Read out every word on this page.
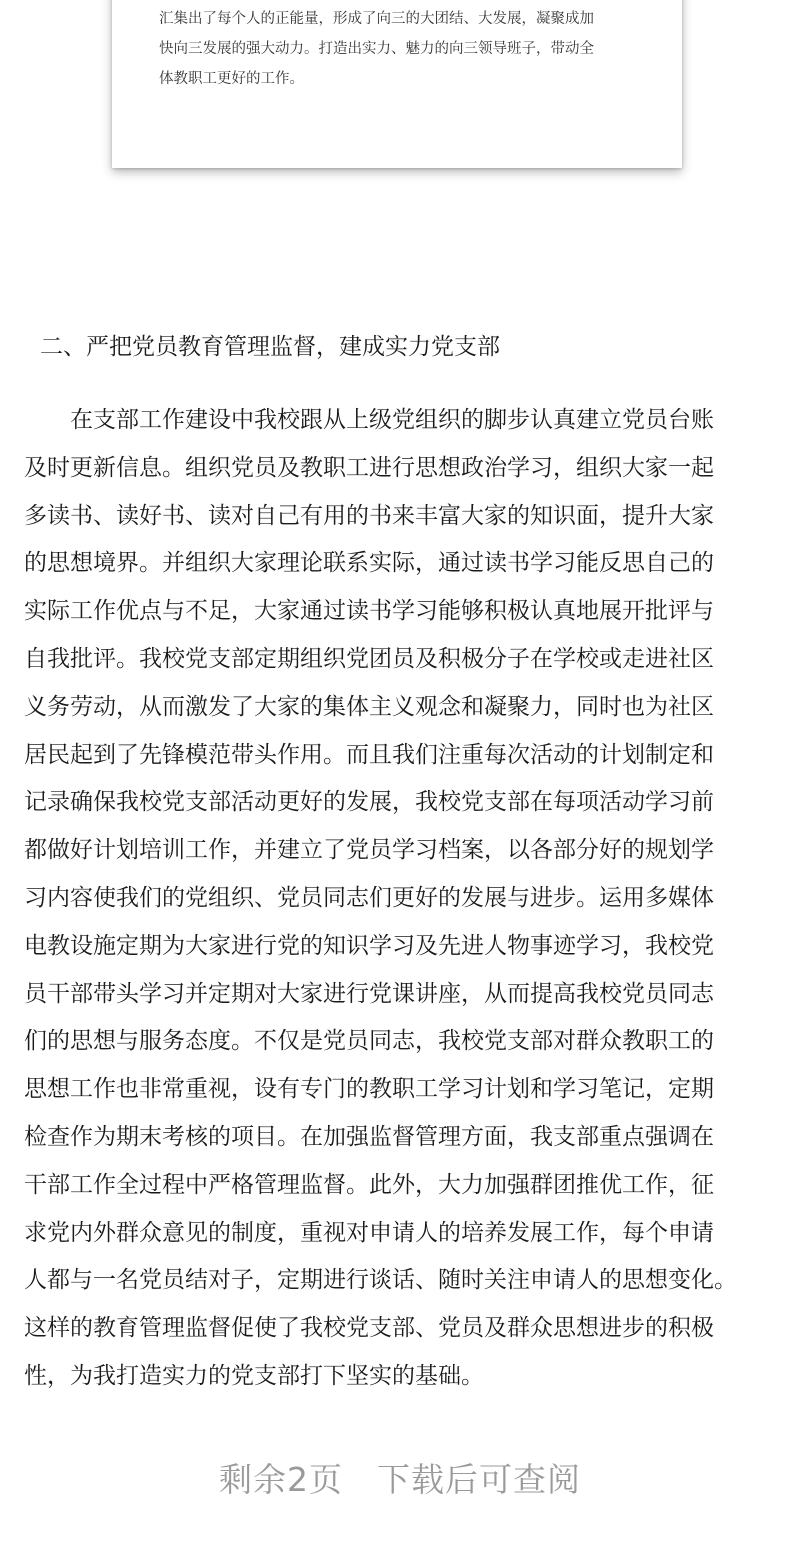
汇集出了每个人的正能量，形成了向三的大团结、大发展，凝聚成加
快向三发展的强大动力。打造出实力、魅力的向三领导班子，带动全
体教职工更好的工作。

二、严把党员教育管理监督，建成实力党支部

　　在支部工作建设中我校跟从上级党组织的脚步认真建立党员台账
及时更新信息。组织党员及教职工进行思想政治学习，组织大家一起
多读书、读好书、读对自己有用的书来丰富大家的知识面，提升大家
的思想境界。并组织大家理论联系实际，通过读书学习能反思自己的
实际工作优点与不足，大家通过读书学习能够积极认真地展开批评与
自我批评。我校党支部定期组织党团员及积极分子在学校或走进社区
义务劳动，从而激发了大家的集体主义观念和凝聚力，同时也为社区
居民起到了先锋模范带头作用。而且我们注重每次活动的计划制定和
记录确保我校党支部活动更好的发展，我校党支部在每项活动学习前
都做好计划培训工作，并建立了党员学习档案，以各部分好的规划学
习内容使我们的党组织、党员同志们更好的发展与进步。运用多媒体
电教设施定期为大家进行党的知识学习及先进人物事迹学习，我校党
员干部带头学习并定期对大家进行党课讲座，从而提高我校党员同志
们的思想与服务态度。不仅是党员同志，我校党支部对群众教职工的
思想工作也非常重视，设有专门的教职工学习计划和学习笔记，定期
检查作为期末考核的项目。在加强监督管理方面，我支部重点强调在
干部工作全过程中严格管理监督。此外，大力加强群团推优工作，征
求党内外群众意见的制度，重视对申请人的培养发展工作，每个申请
人都与一名党员结对子，定期进行谈话、随时关注申请人的思想变化。
这样的教育管理监督促使了我校党支部、党员及群众思想进步的积极
性，为我打造实力的党支部打下坚实的基础。

剩余2页　下载后可查阅
